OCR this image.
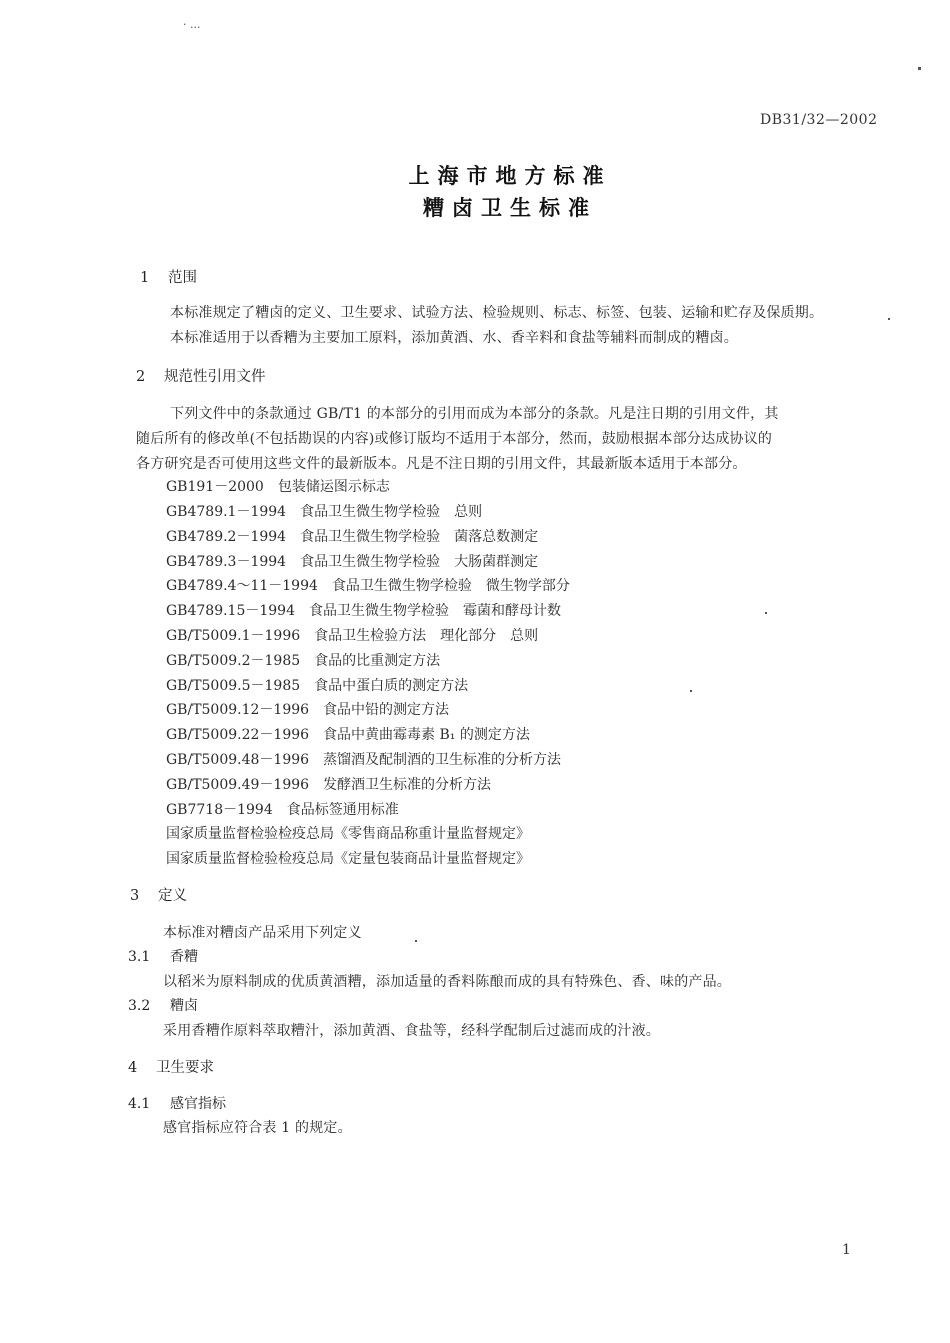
· ...
DB31/32—2002
上海市地方标准
糟卤卫生标准
1 范围
本标准规定了糟卤的定义、卫生要求、试验方法、检验规则、标志、标签、包装、运输和贮存及保质期。
本标准适用于以香糟为主要加工原料，添加黄酒、水、香辛料和食盐等辅料而制成的糟卤。
2 规范性引用文件
下列文件中的条款通过 GB/T1 的本部分的引用而成为本部分的条款。凡是注日期的引用文件，其
随后所有的修改单(不包括勘误的内容)或修订版均不适用于本部分，然而，鼓励根据本部分达成协议的
各方研究是否可使用这些文件的最新版本。凡是不注日期的引用文件，其最新版本适用于本部分。
GB191－2000　包装储运图示标志
GB4789.1－1994　食品卫生微生物学检验　总则
GB4789.2－1994　食品卫生微生物学检验　菌落总数测定
GB4789.3－1994　食品卫生微生物学检验　大肠菌群测定
GB4789.4～11－1994　食品卫生微生物学检验　微生物学部分
GB4789.15－1994　食品卫生微生物学检验　霉菌和酵母计数
GB/T5009.1－1996　食品卫生检验方法　理化部分　总则
GB/T5009.2－1985　食品的比重测定方法
GB/T5009.5－1985　食品中蛋白质的测定方法
GB/T5009.12－1996　食品中铅的测定方法
GB/T5009.22－1996　食品中黄曲霉毒素 B₁ 的测定方法
GB/T5009.48－1996　蒸馏酒及配制酒的卫生标准的分析方法
GB/T5009.49－1996　发酵酒卫生标准的分析方法
GB7718－1994　食品标签通用标准
国家质量监督检验检疫总局《零售商品称重计量监督规定》
国家质量监督检验检疫总局《定量包装商品计量监督规定》
3 定义
本标准对糟卤产品采用下列定义
3.1 香糟
以稻米为原料制成的优质黄酒糟，添加适量的香料陈酿而成的具有特殊色、香、味的产品。
3.2 糟卤
采用香糟作原料萃取糟汁，添加黄酒、食盐等，经科学配制后过滤而成的汁液。
4 卫生要求
4.1 感官指标
感官指标应符合表 1 的规定。
1
